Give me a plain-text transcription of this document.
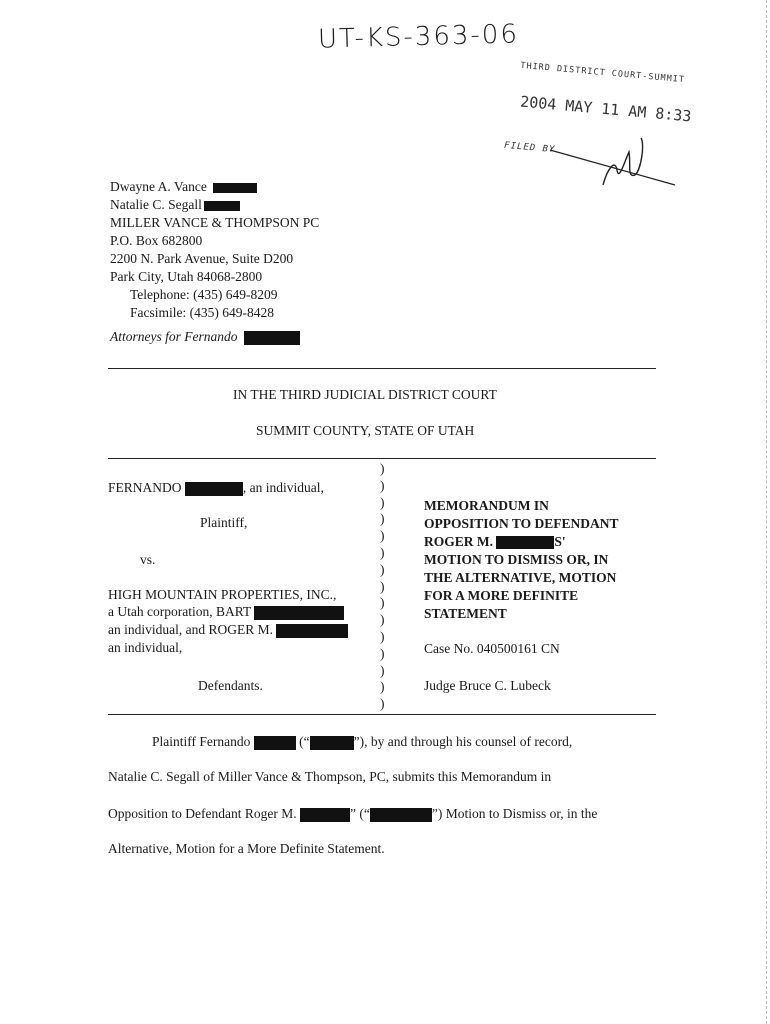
UT-KS-363-06
THIRD DISTRICT COURT-SUMMIT
2004 MAY 11 AM 8:33
FILED BY
Dwayne A. Vance
Natalie C. Segall
MILLER VANCE & THOMPSON PC
P.O. Box 682800
2200 N. Park Avenue, Suite D200
Park City, Utah 84068-2800
Telephone: (435) 649-8209
Facsimile: (435) 649-8428
Attorneys for Fernando
IN THE THIRD JUDICIAL DISTRICT COURT
SUMMIT COUNTY, STATE OF UTAH
FERNANDO	, an individual,
Plaintiff,
vs.
HIGH MOUNTAIN PROPERTIES, INC.,
a Utah corporation, BART
an individual, and ROGER M.
an individual,
Defendants.
)
)
)
)
)
)
)
)
)
)
)
)
)
)
)
MEMORANDUM IN
OPPOSITION TO DEFENDANT
ROGER M.	S'
MOTION TO DISMISS OR, IN
THE ALTERNATIVE, MOTION
FOR A MORE DEFINITE
STATEMENT
Case No. 040500161 CN
Judge Bruce C. Lubeck
Plaintiff Fernando	(“	”), by and through his counsel of record,
Natalie C. Segall of Miller Vance & Thompson, PC, submits this Memorandum in
Opposition to Defendant Roger M.	” (“	”) Motion to Dismiss or, in the
Alternative, Motion for a More Definite Statement.
